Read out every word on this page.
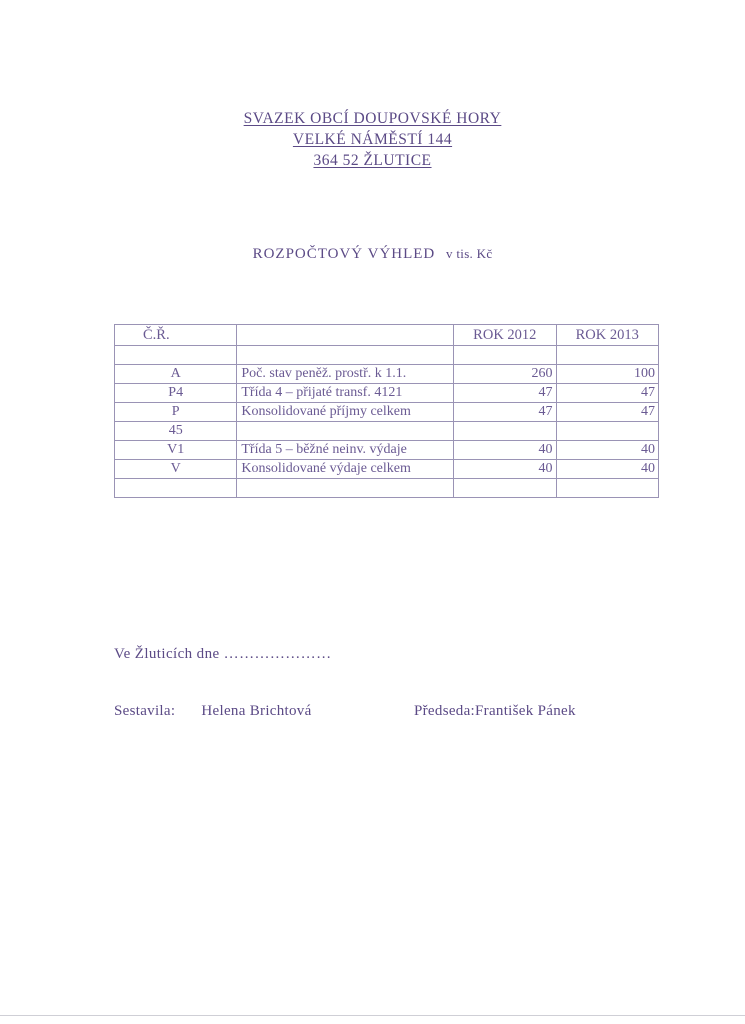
SVAZEK OBCÍ DOUPOVSKÉ HORY
VELKÉ NÁMĚSTÍ 144
364 52 ŽLUTICE
ROZPOČTOVÝ VÝHLED v tis. Kč
Č.Ř.		ROK 2012	ROK 2013

A	Poč. stav peněž. prostř. k 1.1.	260	100
P4	Třída 4 – přijaté transf. 4121	47	47
P	Konsolidované příjmy celkem	47	47
45			
V1	Třída 5 – běžné neinv. výdaje	40	40
V	Konsolidované výdaje celkem	40	40

Ve Žluticích dne …………………
Sestavila: Helena Brichtová	Předseda:František Pánek
